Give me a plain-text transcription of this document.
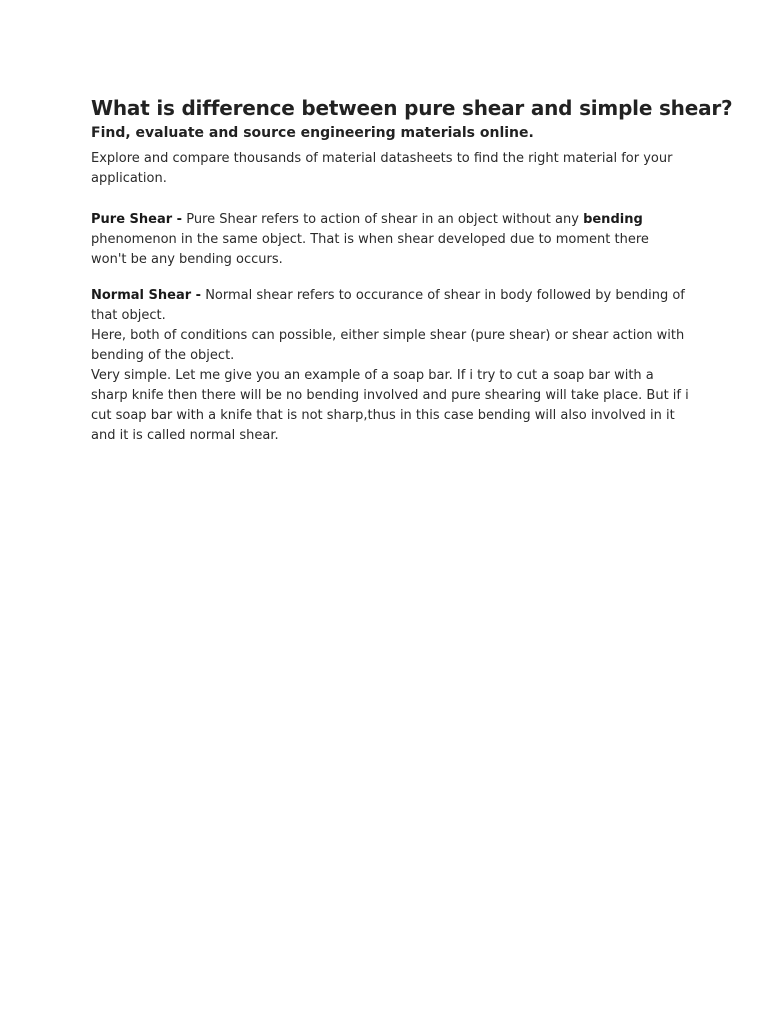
What is difference between pure shear and simple shear?
Find, evaluate and source engineering materials online.

Explore and compare thousands of material datasheets to find the right material for your application.

Pure Shear - Pure Shear refers to action of shear in an object without any bending phenomenon in the same object. That is when shear developed due to moment there won't be any bending occurs.

Normal Shear - Normal shear refers to occurance of shear in body followed by bending of that object.

Here, both of conditions can possible, either simple shear (pure shear) or shear action with bending of the object.

Very simple. Let me give you an example of a soap bar. If i try to cut a soap bar with a sharp knife then there will be no bending involved and pure shearing will take place. But if i cut soap bar with a knife that is not sharp,thus in this case bending will also involved in it and it is called normal shear.
